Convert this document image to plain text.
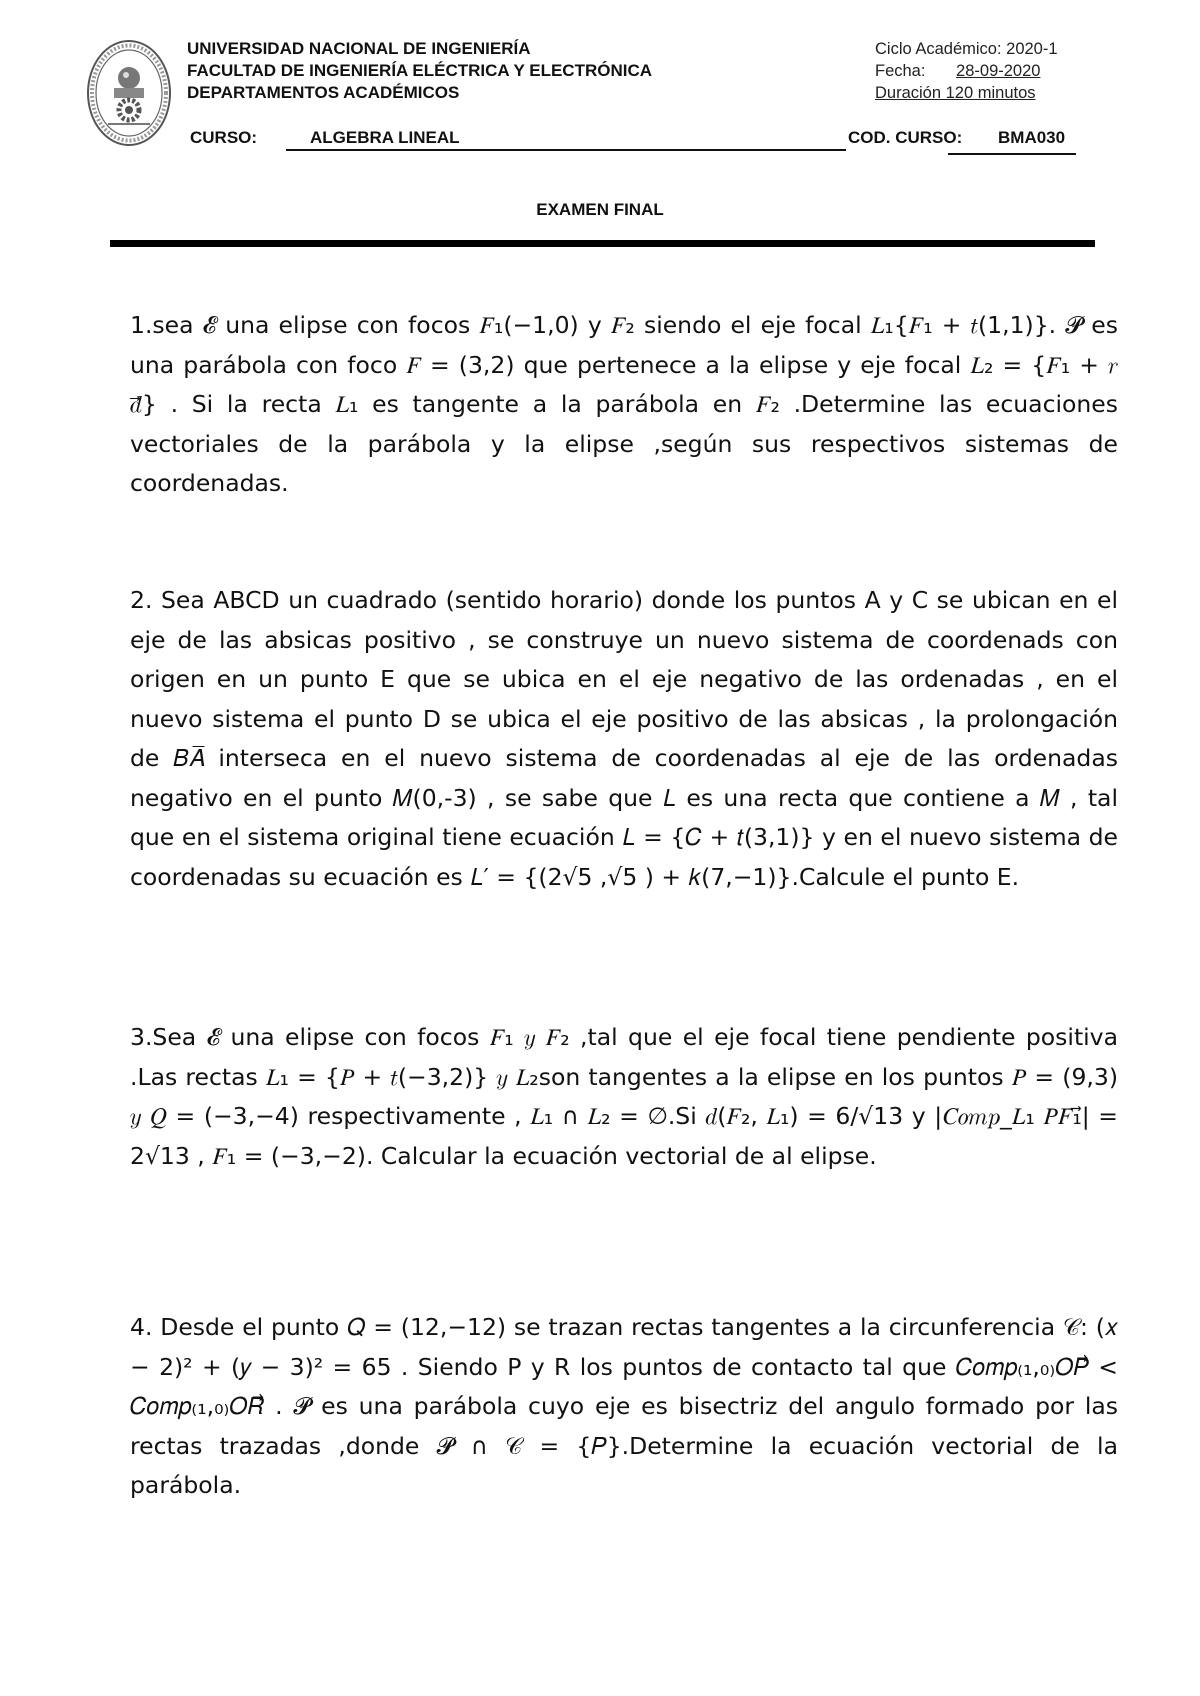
UNIVERSIDAD NACIONAL DE INGENIERÍA
FACULTAD DE INGENIERÍA ELÉCTRICA Y ELECTRÓNICA
DEPARTAMENTOS ACADÉMICOS
Ciclo Académico: 2020-1
Fecha: 28-09-2020
Duración 120 minutos
CURSO:	ALGEBRA LINEAL	COD. CURSO: BMA030
EXAMEN FINAL
1.sea 𝓔 una elipse con focos 𝐹₁(−1,0) y 𝐹₂ siendo el eje focal 𝐿₁{𝐹₁ + 𝑡(1,1)}. 𝓟 es una parábola con foco 𝐹 = (3,2) que pertenece a la elipse y eje focal 𝐿₂ = {𝐹₁ + 𝑟 𝑑⃗} . Si la recta 𝐿₁ es tangente a la parábola en 𝐹₂ .Determine las ecuaciones vectoriales de la parábola y la elipse ,según sus respectivos sistemas de coordenadas.
2. Sea ABCD un cuadrado (sentido horario) donde los puntos A y C se ubican en el eje de las absicas positivo , se construye un nuevo sistema de coordenads con origen en un punto E que se ubica en el eje negativo de las ordenadas , en el nuevo sistema el punto D se ubica el eje positivo de las absicas , la prolongación de 𝐵𝐴̅̅̅ interseca en el nuevo sistema de coordenadas al eje de las ordenadas negativo en el punto 𝑀(0,-3) , se sabe que 𝐿 es una recta que contiene a 𝑀 , tal que en el sistema original tiene ecuación 𝐿 = {𝐶 + 𝑡(3,1)} y en el nuevo sistema de coordenadas su ecuación es 𝐿′ = {(2√5 ,√5 ) + 𝑘(7,−1)}.Calcule el punto E.
3.Sea 𝓔 una elipse con focos 𝐹₁ 𝑦 𝐹₂ ,tal que el eje focal tiene pendiente positiva .Las rectas 𝐿₁ = {𝑃 + 𝑡(−3,2)} 𝑦 𝐿₂son tangentes a la elipse en los puntos 𝑃 = (9,3) 𝑦 𝑄 = (−3,−4) respectivamente , 𝐿₁ ∩ 𝐿₂ = ∅.Si 𝑑(𝐹₂, 𝐿₁) = 6/√13 y |𝐶𝑜𝑚𝑝_𝐿₁ 𝑃𝐹₁⃗| = 2√13 , 𝐹₁ = (−3,−2). Calcular la ecuación vectorial de al elipse.
4. Desde el punto 𝑄 = (12,−12) se trazan rectas tangentes a la circunferencia 𝒞: (𝑥 − 2)² + (𝑦 − 3)² = 65 . Siendo P y R los puntos de contacto tal que 𝐶𝑜𝑚𝑝₍₁,₀₎𝑂𝑃⃗ < 𝐶𝑜𝑚𝑝₍₁,₀₎𝑂𝑅⃗ . 𝓟 es una parábola cuyo eje es bisectriz del angulo formado por las rectas trazadas ,donde 𝓟 ∩ 𝒞 = {𝑃}.Determine la ecuación vectorial de la parábola.
